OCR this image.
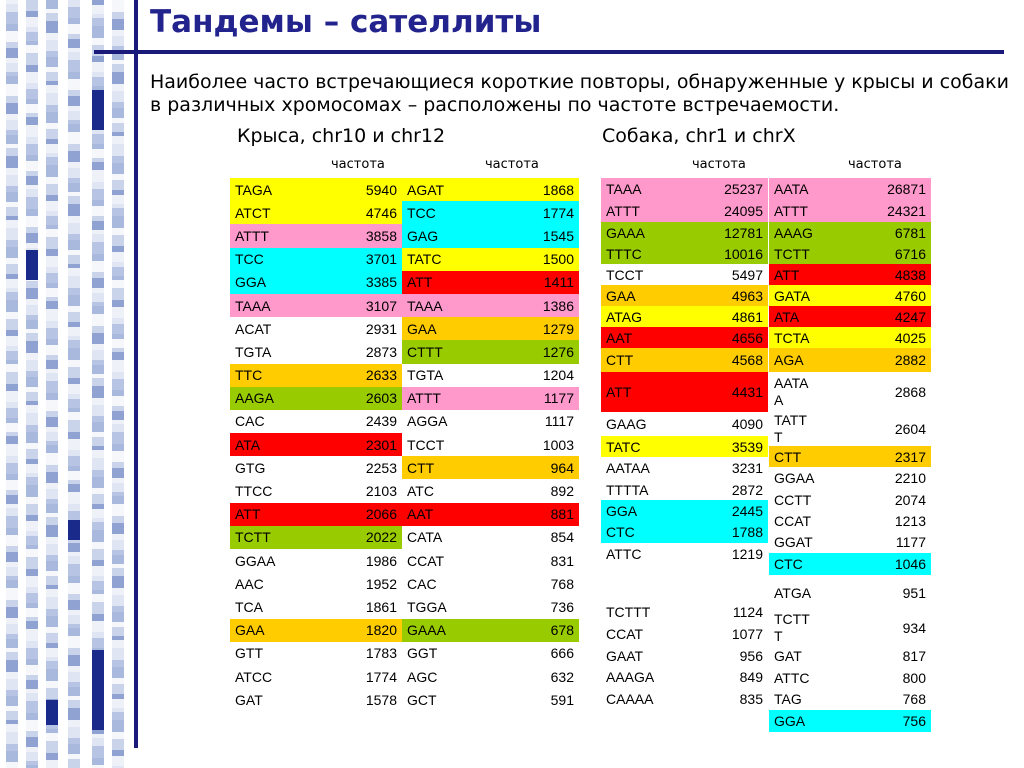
Тандемы – сателлиты
Наиболее часто встречающиеся короткие повторы, обнаруженные у крысы и собаки в различных хромосомах – расположены по частоте встречаемости.
Крыса, chr10 и chr12	Собака, chr1 и chrX
частота	частота	частота	частота
TAGA	5940
ATCT	4746
ATTT	3858
TCC	3701
GGA	3385
TAAA	3107
ACAT	2931
TGTA	2873
TTC	2633
AAGA	2603
CAC	2439
ATA	2301
GTG	2253
TTCC	2103
ATT	2066
TCTT	2022
GGAA	1986
AAC	1952
TCA	1861
GAA	1820
GTT	1783
ATCC	1774
GAT	1578
AGAT	1868
TCC	1774
GAG	1545
TATC	1500
ATT	1411
TAAA	1386
GAA	1279
CTTT	1276
TGTA	1204
ATTT	1177
AGGA	1117
TCCT	1003
CTT	964
ATC	892
AAT	881
CATA	854
CCAT	831
CAC	768
TGGA	736
GAAA	678
GGT	666
AGC	632
GCT	591
TAAA	25237
ATTT	24095
GAAA	12781
TTTC	10016
TCCT	5497
GAA	4963
ATAG	4861
AAT	4656
CTT	4568
ATT	4431
GAAG	4090
TATC	3539
AATAA	3231
TTTTA	2872
GGA	2445
CTC	1788
ATTC	1219

TCTTT	1124
CCAT	1077
GAAT	956
AAAGA	849
CAAAA	835
AATA	26871
ATTT	24321
AAAG	6781
TCTT	6716
ATT	4838
GATA	4760
ATA	4247
TCTA	4025
AGA	2882
AATA
A	2868
TATT
T	2604
CTT	2317
GGAA	2210
CCTT	2074
CCAT	1213
GGAT	1177
CTC	1046
ATGA	951
TCTT
T	934
GAT	817
ATTC	800
TAG	768
GGA	756
